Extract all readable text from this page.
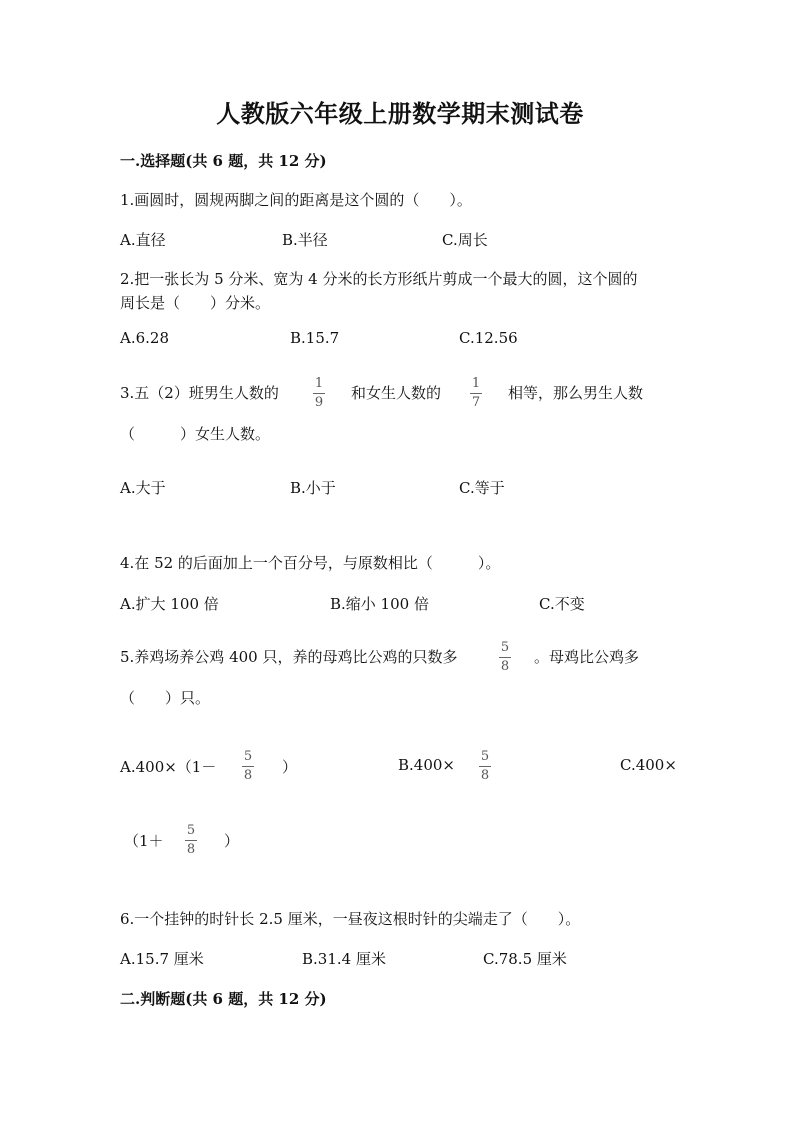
人教版六年级上册数学期末测试卷
一.选择题(共 6 题，共 12 分)
1.画圆时，圆规两脚之间的距离是这个圆的（　　）。
A.直径	B.半径	C.周长
2.把一张长为 5 分米、宽为 4 分米的长方形纸片剪成一个最大的圆，这个圆的
周长是（　　）分米。
A.6.28	B.15.7	C.12.56
3.五（2）班男生人数的
1
9
和女生人数的
1
7
相等，那么男生人数
（　　　）女生人数。
A.大于	B.小于	C.等于
4.在 52 的后面加上一个百分号，与原数相比（　　　）。
A.扩大 100 倍	B.缩小 100 倍	C.不变
5.养鸡场养公鸡 400 只，养的母鸡比公鸡的只数多
5
8
。母鸡比公鸡多
（　　）只。
A.400×（1－
5
8 ）	B.400× 5
8
C.400×
（1＋
5
8 ）
6.一个挂钟的时针长 2.5 厘米，一昼夜这根时针的尖端走了（　　）。
A.15.7 厘米	B.31.4 厘米	C.78.5 厘米
二.判断题(共 6 题，共 12 分)
